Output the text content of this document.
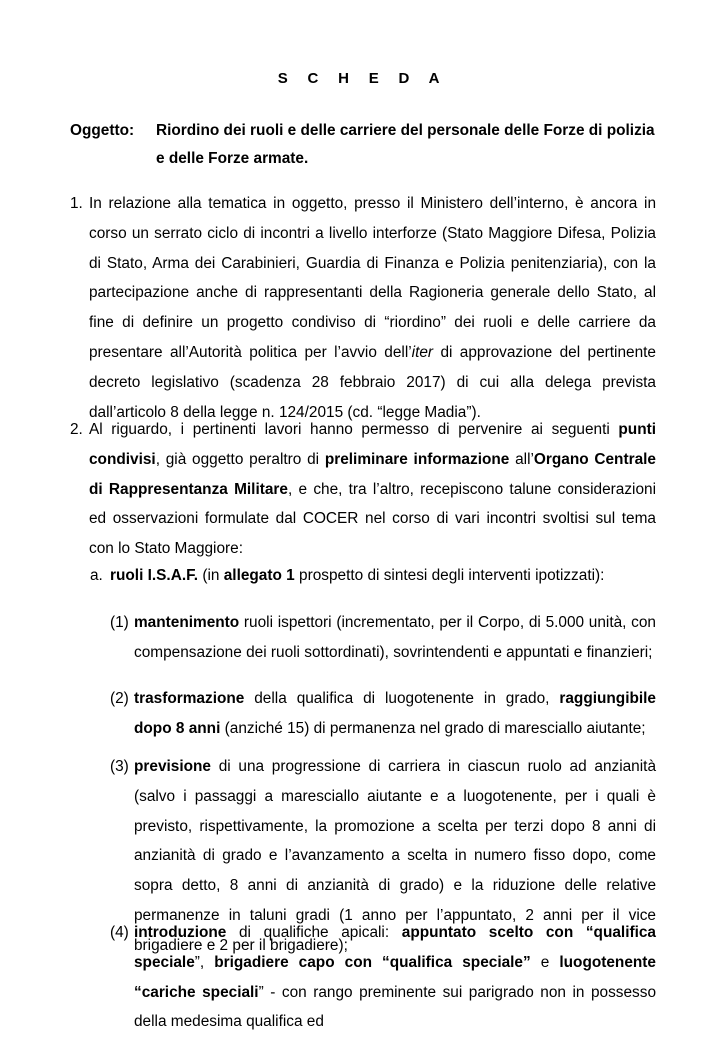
S C H E D A
Oggetto: Riordino dei ruoli e delle carriere del personale delle Forze di polizia e delle Forze armate.
1. In relazione alla tematica in oggetto, presso il Ministero dell’interno, è ancora in corso un serrato ciclo di incontri a livello interforze (Stato Maggiore Difesa, Polizia di Stato, Arma dei Carabinieri, Guardia di Finanza e Polizia penitenziaria), con la partecipazione anche di rappresentanti della Ragioneria generale dello Stato, al fine di definire un progetto condiviso di “riordino” dei ruoli e delle carriere da presentare all’Autorità politica per l’avvio dell’iter di approvazione del pertinente decreto legislativo (scadenza 28 febbraio 2017) di cui alla delega prevista dall’articolo 8 della legge n. 124/2015 (cd. “legge Madia”).
2. Al riguardo, i pertinenti lavori hanno permesso di pervenire ai seguenti punti condivisi, già oggetto peraltro di preliminare informazione all’Organo Centrale di Rappresentanza Militare, e che, tra l’altro, recepiscono talune considerazioni ed osservazioni formulate dal COCER nel corso di vari incontri svoltisi sul tema con lo Stato Maggiore:
a. ruoli I.S.A.F. (in allegato 1 prospetto di sintesi degli interventi ipotizzati):
(1) mantenimento ruoli ispettori (incrementato, per il Corpo, di 5.000 unità, con compensazione dei ruoli sottordinati), sovrintendenti e appuntati e finanzieri;
(2) trasformazione della qualifica di luogotenente in grado, raggiungibile dopo 8 anni (anziché 15) di permanenza nel grado di maresciallo aiutante;
(3) previsione di una progressione di carriera in ciascun ruolo ad anzianità (salvo i passaggi a maresciallo aiutante e a luogotenente, per i quali è previsto, rispettivamente, la promozione a scelta per terzi dopo 8 anni di anzianità di grado e l’avanzamento a scelta in numero fisso dopo, come sopra detto, 8 anni di anzianità di grado) e la riduzione delle relative permanenze in taluni gradi (1 anno per l’appuntato, 2 anni per il vice brigadiere e 2 per il brigadiere);
(4) introduzione di qualifiche apicali: appuntato scelto con “qualifica speciale”, brigadiere capo con “qualifica speciale” e luogotenente “cariche speciali” - con rango preminente sui parigrado non in possesso della medesima qualifica ed
